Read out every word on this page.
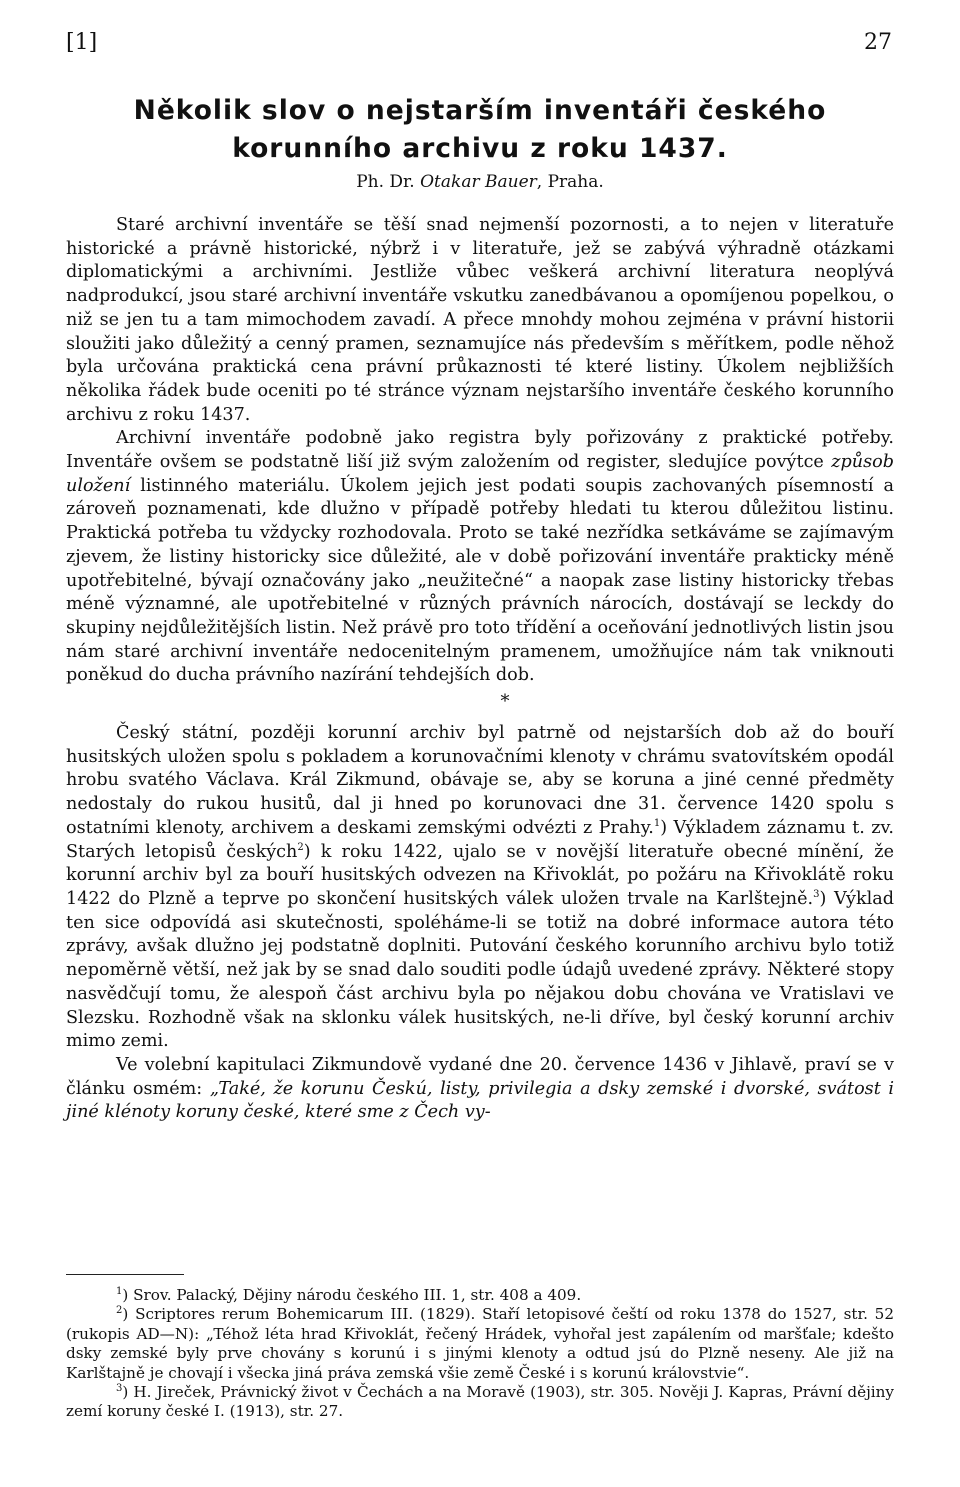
[1]	27
Několik slov o nejstarším inventáři českého
korunního archivu z roku 1437.
Ph. Dr. Otakar Bauer, Praha.

Staré archivní inventáře se těší snad nejmenší pozornosti, a to nejen v literatuře historické a právně historické, nýbrž i v literatuře, jež se zabývá výhradně otázkami diplomatickými a archivními. Jestliže vůbec veškerá archivní literatura neoplývá nadprodukcí, jsou staré archivní inventáře vskutku zanedbávanou a opomíjenou popelkou, o niž se jen tu a tam mimochodem zavadí. A přece mnohdy mohou zejména v právní historii sloužiti jako důležitý a cenný pramen, seznamujíce nás především s měřítkem, podle něhož byla určována praktická cena právní průkaznosti té které listiny. Úkolem nejbližších několika řádek bude oceniti po té stránce význam nejstaršího inventáře českého korunního archivu z roku 1437.

Archivní inventáře podobně jako registra byly pořizovány z praktické potřeby. Inventáře ovšem se podstatně liší již svým založením od register, sledujíce povýtce způsob uložení listinného materiálu. Úkolem jejich jest podati soupis zachovaných písemností a zároveň poznamenati, kde dlužno v případě potřeby hledati tu kterou důležitou listinu. Praktická potřeba tu vždycky rozhodovala. Proto se také nezřídka setkáváme se zajímavým zjevem, že listiny historicky sice důležité, ale v době pořizování inventáře prakticky méně upotřebitelné, bývají označovány jako „neužitečné“ a naopak zase listiny historicky třebas méně významné, ale upotřebitelné v různých právních nárocích, dostávají se leckdy do skupiny nejdůležitějších listin. Než právě pro toto třídění a oceňování jednotlivých listin jsou nám staré archivní inventáře nedocenitelným pramenem, umožňujíce nám tak vniknouti poněkud do ducha právního nazírání tehdejších dob.

*

Český státní, později korunní archiv byl patrně od nejstarších dob až do bouří husitských uložen spolu s pokladem a korunovačními klenoty v chrámu svatovítském opodál hrobu svatého Václava. Král Zikmund, obávaje se, aby se koruna a jiné cenné předměty nedostaly do rukou husitů, dal ji hned po korunovaci dne 31. července 1420 spolu s ostatními klenoty, archivem a deskami zemskými odvézti z Prahy.$^1$) Výkladem záznamu t. zv. Starých letopisů českých$^2$) k roku 1422, ujalo se v novější literatuře obecné mínění, že korunní archiv byl za bouří husitských odvezen na Křivoklát, po požáru na Křivoklátě roku 1422 do Plzně a teprve po skončení husitských válek uložen trvale na Karlštejně.$^3$) Výklad ten sice odpovídá asi skutečnosti, spoléháme-li se totiž na dobré informace autora této zprávy, avšak dlužno jej podstatně doplniti. Putování českého korunního archivu bylo totiž nepoměrně větší, než jak by se snad dalo souditi podle údajů uvedené zprávy. Některé stopy nasvědčují tomu, že alespoň část archivu byla po nějakou dobu chována ve Vratislavi ve Slezsku. Rozhodně však na sklonku válek husitských, ne-li dříve, byl český korunní archiv mimo zemi.

Ve volební kapitulaci Zikmundově vydané dne 20. července 1436 v Jihlavě, praví se v článku osmém: „Také, že korunu Českú, listy, privilegia a dsky zemské i dvorské, svátost i jiné klénoty koruny české, které sme z Čech vy-

$^1$) Srov. Palacký, Dějiny národu českého III. 1, str. 408 a 409.

$^2$) Scriptores rerum Bohemicarum III. (1829). Staří letopisové čeští od roku 1378 do 1527, str. 52 (rukopis AD—N): „Téhož léta hrad Křivoklát, řečený Hrádek, vyhořal jest zapálením od maršťale; kdešto dsky zemské byly prve chovány s korunú i s jinými klenoty a odtud jsú do Plzně neseny. Ale již na Karlštajně je chovají i všecka jiná práva zemská všie země České i s korunú královstvie“.

$^3$) H. Jireček, Právnický život v Čechách a na Moravě (1903), str. 305. Nověji J. Kapras, Právní dějiny zemí koruny české I. (1913), str. 27.
